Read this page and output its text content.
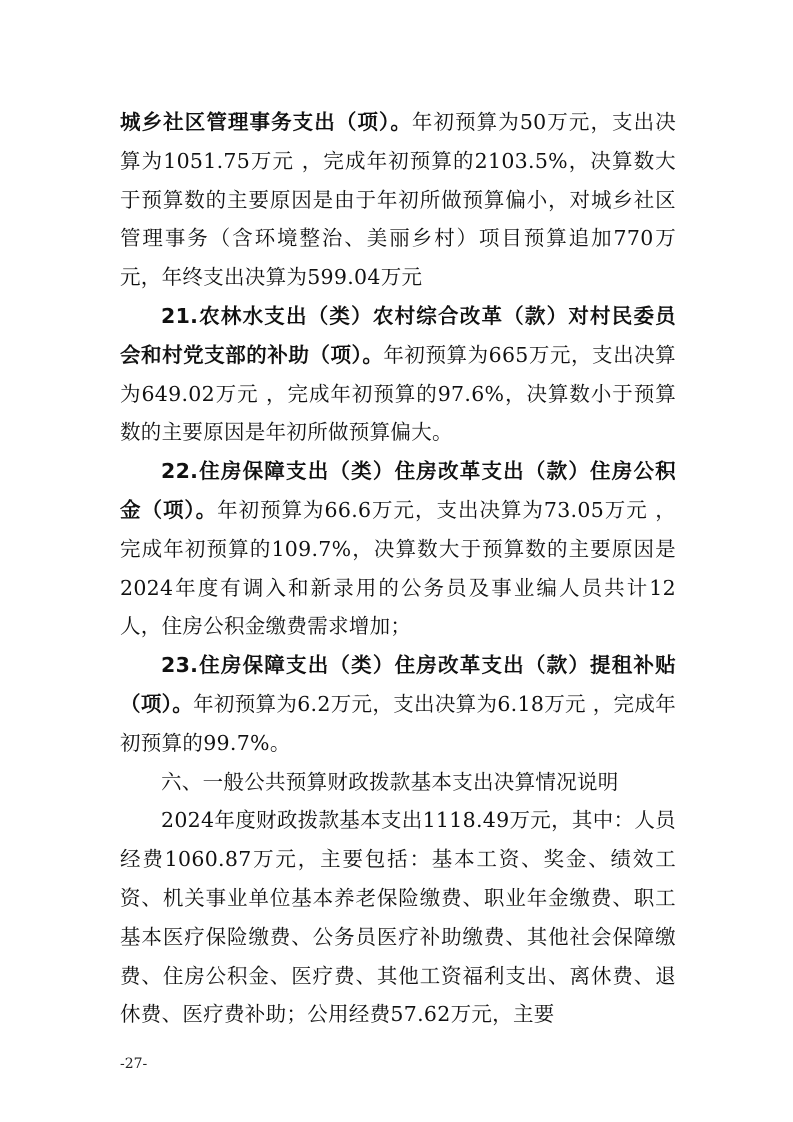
城乡社区管理事务支出（项）。年初预算为50万元，支出决算为1051.75万元 ，完成年初预算的2103.5%，决算数大于预算数的主要原因是由于年初所做预算偏小，对城乡社区管理事务（含环境整治、美丽乡村）项目预算追加770万元，年终支出决算为599.04万元

21.农林水支出（类）农村综合改革（款）对村民委员会和村党支部的补助（项）。年初预算为665万元，支出决算为649.02万元 ，完成年初预算的97.6%，决算数小于预算数的主要原因是年初所做预算偏大。

22.住房保障支出（类）住房改革支出（款）住房公积金（项）。年初预算为66.6万元，支出决算为73.05万元 ，完成年初预算的109.7%，决算数大于预算数的主要原因是2024年度有调入和新录用的公务员及事业编人员共计12人，住房公积金缴费需求增加；

23.住房保障支出（类）住房改革支出（款）提租补贴（项）。年初预算为6.2万元，支出决算为6.18万元 ，完成年初预算的99.7%。

六、一般公共预算财政拨款基本支出决算情况说明

2024年度财政拨款基本支出1118.49万元，其中：人员经费1060.87万元，主要包括：基本工资、奖金、绩效工资、机关事业单位基本养老保险缴费、职业年金缴费、职工基本医疗保险缴费、公务员医疗补助缴费、其他社会保障缴费、住房公积金、医疗费、其他工资福利支出、离休费、退休费、医疗费补助；公用经费57.62万元，主要

-27-
